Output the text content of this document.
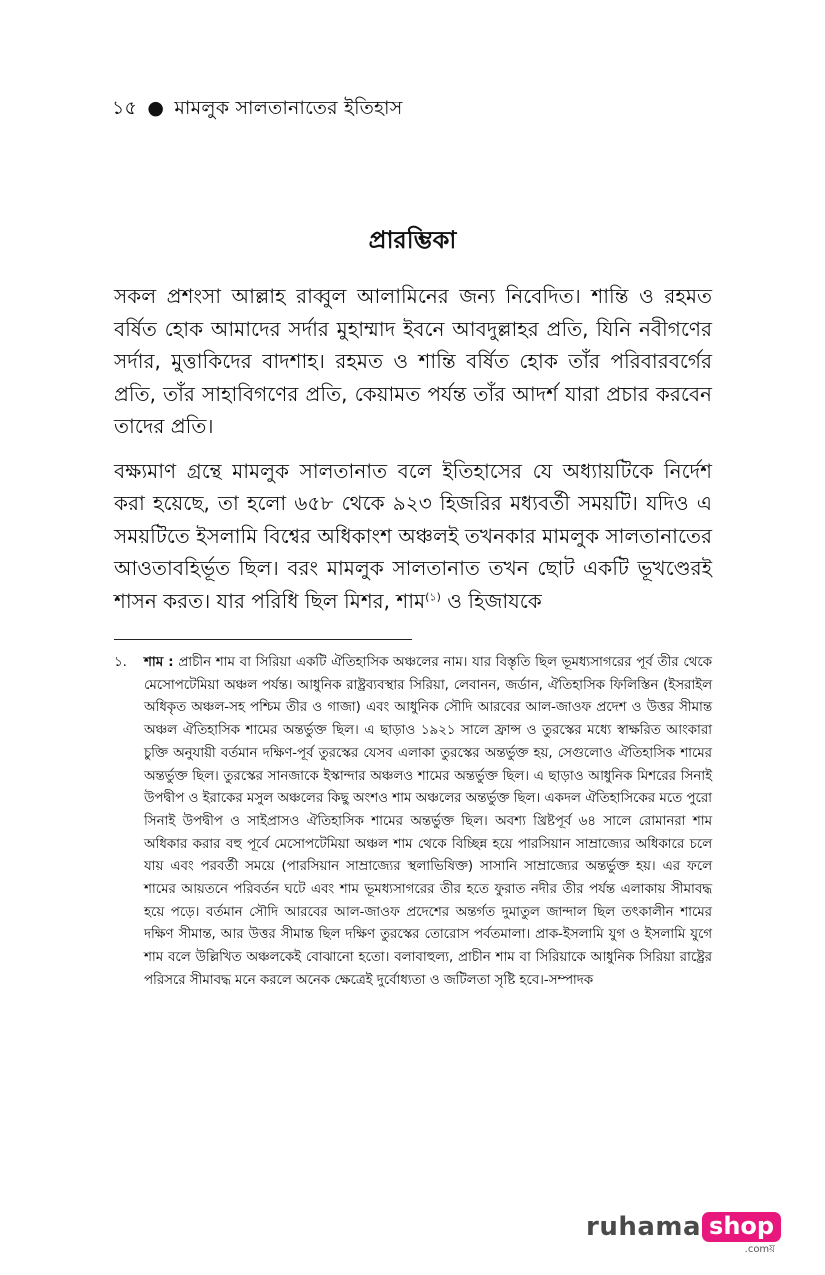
১৫ ● মামলুক সালতানাতের ইতিহাস
প্রারম্ভিকা

সকল প্রশংসা আল্লাহ রাব্বুল আলামিনের জন্য নিবেদিত। শান্তি ও রহমত বর্ষিত হোক আমাদের সর্দার মুহাম্মাদ ইবনে আবদুল্লাহর প্রতি, যিনি নবীগণের সর্দার, মুত্তাকিদের বাদশাহ। রহমত ও শান্তি বর্ষিত হোক তাঁর পরিবারবর্গের প্রতি, তাঁর সাহাবিগণের প্রতি, কেয়ামত পর্যন্ত তাঁর আদর্শ যারা প্রচার করবেন তাদের প্রতি।

বক্ষ্যমাণ গ্রন্থে মামলুক সালতানাত বলে ইতিহাসের যে অধ্যায়টিকে নির্দেশ করা হয়েছে, তা হলো ৬৫৮ থেকে ৯২৩ হিজরির মধ্যবর্তী সময়টি। যদিও এ সময়টিতে ইসলামি বিশ্বের অধিকাংশ অঞ্চলই তখনকার মামলুক সালতানাতের আওতাবহির্ভূত ছিল। বরং মামলুক সালতানাত তখন ছোট একটি ভূখণ্ডেরই শাসন করত। যার পরিধি ছিল মিশর, শাম$^{(১)}$ ও হিজাযকে

১. শাম : প্রাচীন শাম বা সিরিয়া একটি ঐতিহাসিক অঞ্চলের নাম। যার বিস্তৃতি ছিল ভূমধ্যসাগরের পূর্ব তীর থেকে মেসোপটেমিয়া অঞ্চল পর্যন্ত। আধুনিক রাষ্ট্রব্যবস্থার সিরিয়া, লেবানন, জর্ডান, ঐতিহাসিক ফিলিস্তিন (ইসরাইল অধিকৃত অঞ্চল-সহ পশ্চিম তীর ও গাজা) এবং আধুনিক সৌদি আরবের আল-জাওফ প্রদেশ ও উত্তর সীমান্ত অঞ্চল ঐতিহাসিক শামের অন্তর্ভুক্ত ছিল। এ ছাড়াও ১৯২১ সালে ফ্রান্স ও তুরস্কের মধ্যে স্বাক্ষরিত আংকারা চুক্তি অনুযায়ী বর্তমান দক্ষিণ-পূর্ব তুরস্কের যেসব এলাকা তুরস্কের অন্তর্ভুক্ত হয়, সেগুলোও ঐতিহাসিক শামের অন্তর্ভুক্ত ছিল। তুরস্কের সানজাকে ইস্কান্দার অঞ্চলও শামের অন্তর্ভুক্ত ছিল। এ ছাড়াও আধুনিক মিশরের সিনাই উপদ্বীপ ও ইরাকের মসুল অঞ্চলের কিছু অংশও শাম অঞ্চলের অন্তর্ভুক্ত ছিল। একদল ঐতিহাসিকের মতে পুরো সিনাই উপদ্বীপ ও সাইপ্রাসও ঐতিহাসিক শামের অন্তর্ভুক্ত ছিল। অবশ্য খ্রিষ্টপূর্ব ৬৪ সালে রোমানরা শাম অধিকার করার বহু পূর্বে মেসোপটেমিয়া অঞ্চল শাম থেকে বিচ্ছিন্ন হয়ে পারসিয়ান সাম্রাজ্যের অধিকারে চলে যায় এবং পরবর্তী সময়ে (পারসিয়ান সাম্রাজ্যের স্থলাভিষিক্ত) সাসানি সাম্রাজ্যের অন্তর্ভুক্ত হয়। এর ফলে শামের আয়তনে পরিবর্তন ঘটে এবং শাম ভূমধ্যসাগরের তীর হতে ফুরাত নদীর তীর পর্যন্ত এলাকায় সীমাবদ্ধ হয়ে পড়ে। বর্তমান সৌদি আরবের আল-জাওফ প্রদেশের অন্তর্গত দুমাতুল জান্দাল ছিল তৎকালীন শামের দক্ষিণ সীমান্ত, আর উত্তর সীমান্ত ছিল দক্ষিণ তুরস্কের তোরোস পর্বতমালা। প্রাক-ইসলামি যুগ ও ইসলামি যুগে শাম বলে উল্লিখিত অঞ্চলকেই বোঝানো হতো। বলাবাহুল্য, প্রাচীন শাম বা সিরিয়াকে আধুনিক সিরিয়া রাষ্ট্রের পরিসরে সীমাবদ্ধ মনে করলে অনেক ক্ষেত্রেই দুর্বোধ্যতা ও জটিলতা সৃষ্টি হবে।-সম্পাদক
ruhama shop
.comয়
